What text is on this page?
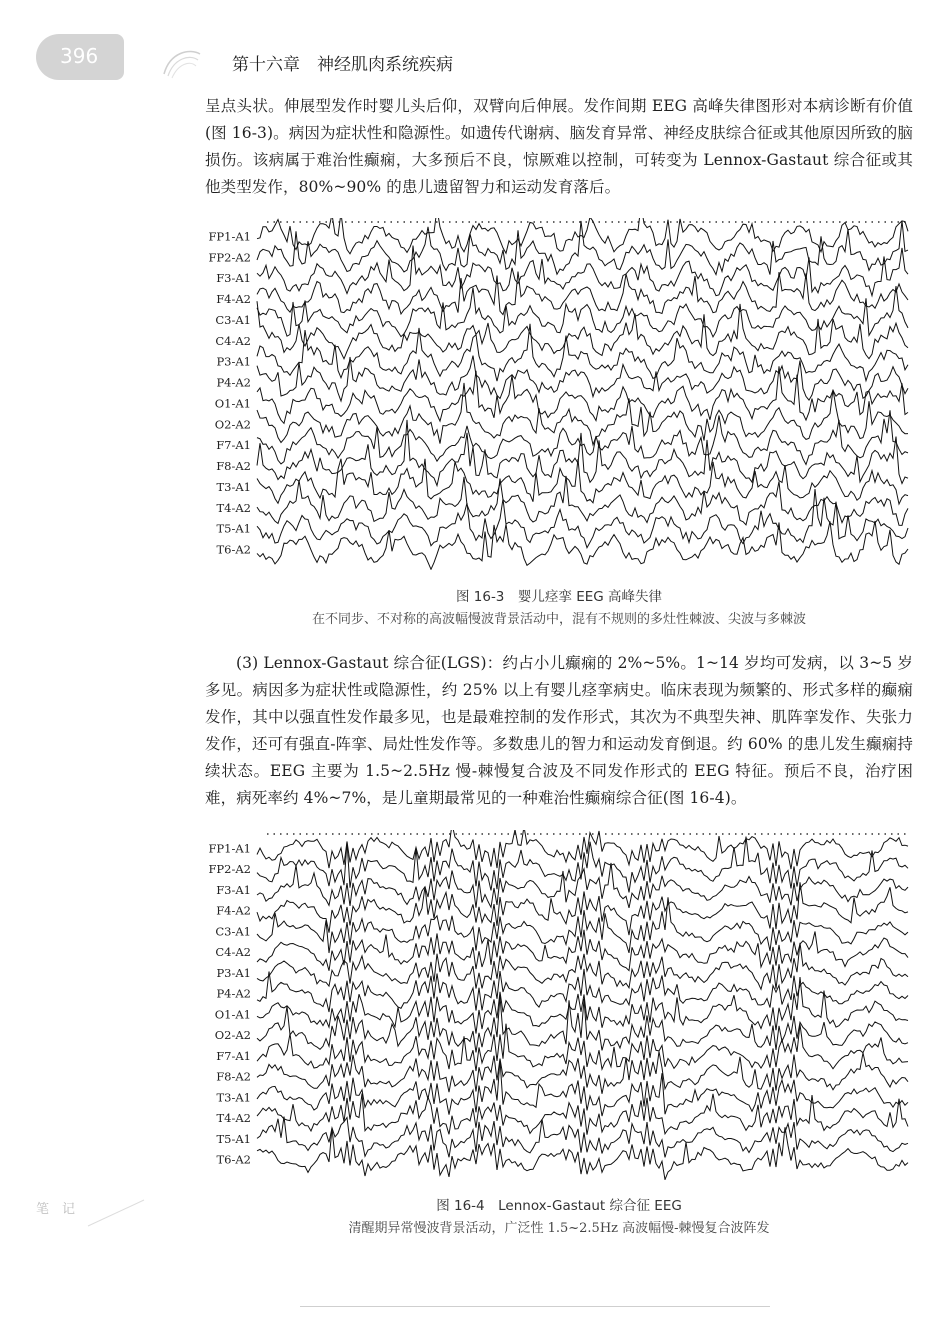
396	第十六章　神经肌肉系统疾病

呈点头状。伸展型发作时婴儿头后仰，双臂向后伸展。发作间期 EEG 高峰失律图形对本病诊断有价值(图 16-3)。病因为症状性和隐源性。如遗传代谢病、脑发育异常、神经皮肤综合征或其他原因所致的脑损伤。该病属于难治性癫痫，大多预后不良，惊厥难以控制，可转变为 Lennox-Gastaut 综合征或其他类型发作，80%~90% 的患儿遗留智力和运动发育落后。

FP1-A1
FP2-A2
F3-A1
F4-A2
C3-A1
C4-A2
P3-A1
P4-A2
O1-A1
O2-A2
F7-A1
F8-A2
T3-A1
T4-A2
T5-A1
T6-A2
图 16-3　婴儿痉挛 EEG 高峰失律
在不同步、不对称的高波幅慢波背景活动中，混有不规则的多灶性棘波、尖波与多棘波

(3) Lennox-Gastaut 综合征(LGS)：约占小儿癫痫的 2%~5%。1~14 岁均可发病，以 3~5 岁多见。病因多为症状性或隐源性，约 25% 以上有婴儿痉挛病史。临床表现为频繁的、形式多样的癫痫发作，其中以强直性发作最多见，也是最难控制的发作形式，其次为不典型失神、肌阵挛发作、失张力发作，还可有强直-阵挛、局灶性发作等。多数患儿的智力和运动发育倒退。约 60% 的患儿发生癫痫持续状态。EEG 主要为 1.5~2.5Hz 慢-棘慢复合波及不同发作形式的 EEG 特征。预后不良，治疗困难，病死率约 4%~7%，是儿童期最常见的一种难治性癫痫综合征(图 16-4)。

FP1-A1
FP2-A2
F3-A1
F4-A2
C3-A1
C4-A2
P3-A1
P4-A2
O1-A1
O2-A2
F7-A1
F8-A2
T3-A1
T4-A2
T5-A1
T6-A2
图 16-4　Lennox-Gastaut 综合征 EEG
清醒期异常慢波背景活动，广泛性 1.5~2.5Hz 高波幅慢-棘慢复合波阵发
笔　记
